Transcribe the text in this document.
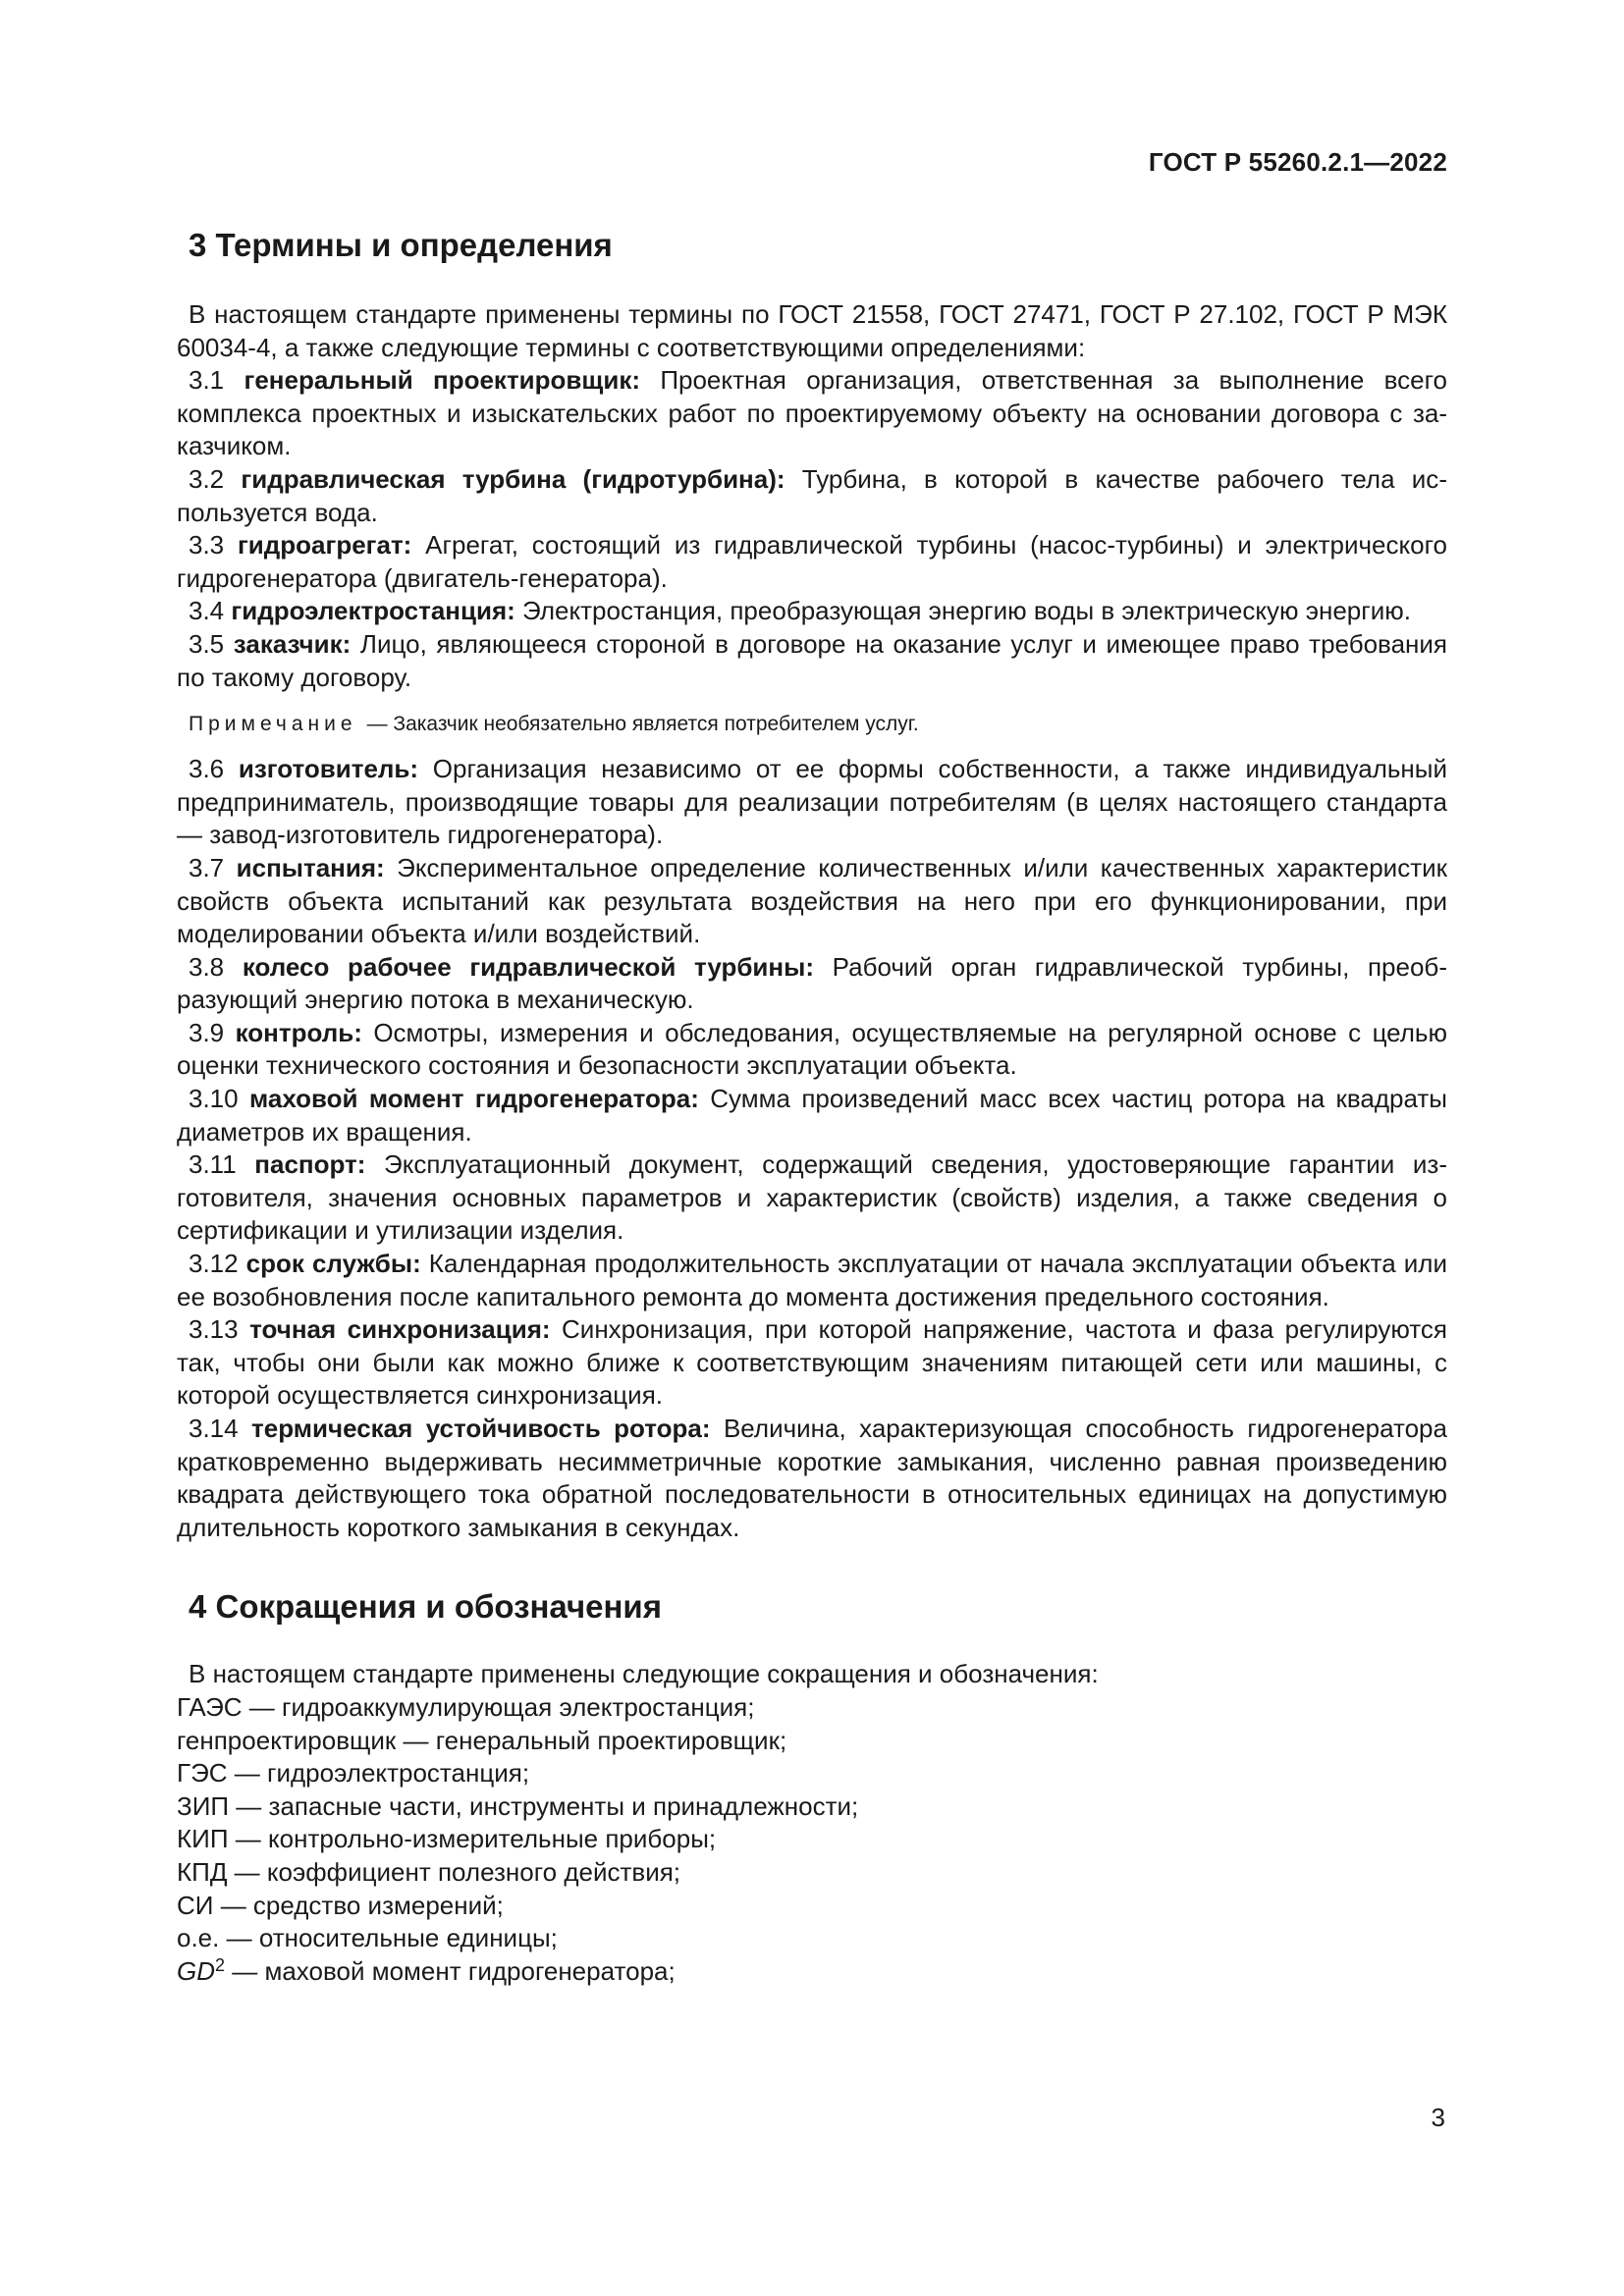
ГОСТ Р 55260.2.1—2022
3 Термины и определения

В настоящем стандарте применены термины по ГОСТ 21558, ГОСТ 27471, ГОСТ Р 27.102, ГОСТ Р МЭК 60034-4, а также следующие термины с соответствующими определениями:

3.1 генеральный проектировщик: Проектная организация, ответственная за выполнение всего комплекса проектных и изыскательских работ по проектируемому объекту на основании договора с заказчиком.

3.2 гидравлическая турбина (гидротурбина): Турбина, в которой в качестве рабочего тела используется вода.

3.3 гидроагрегат: Агрегат, состоящий из гидравлической турбины (насос-турбины) и электрического гидрогенератора (двигатель-генератора).

3.4 гидроэлектростанция: Электростанция, преобразующая энергию воды в электрическую энергию.

3.5 заказчик: Лицо, являющееся стороной в договоре на оказание услуг и имеющее право требования по такому договору.

Примечание — Заказчик необязательно является потребителем услуг.

3.6 изготовитель: Организация независимо от ее формы собственности, а также индивидуальный предприниматель, производящие товары для реализации потребителям (в целях настоящего стандарта — завод-изготовитель гидрогенератора).

3.7 испытания: Экспериментальное определение количественных и/или качественных характеристик свойств объекта испытаний как результата воздействия на него при его функционировании, при моделировании объекта и/или воздействий.

3.8 колесо рабочее гидравлической турбины: Рабочий орган гидравлической турбины, преобразующий энергию потока в механическую.

3.9 контроль: Осмотры, измерения и обследования, осуществляемые на регулярной основе с целью оценки технического состояния и безопасности эксплуатации объекта.

3.10 маховой момент гидрогенератора: Сумма произведений масс всех частиц ротора на квадраты диаметров их вращения.

3.11 паспорт: Эксплуатационный документ, содержащий сведения, удостоверяющие гарантии изготовителя, значения основных параметров и характеристик (свойств) изделия, а также сведения о сертификации и утилизации изделия.

3.12 срок службы: Календарная продолжительность эксплуатации от начала эксплуатации объекта или ее возобновления после капитального ремонта до момента достижения предельного состояния.

3.13 точная синхронизация: Синхронизация, при которой напряжение, частота и фаза регулируются так, чтобы они были как можно ближе к соответствующим значениям питающей сети или машины, с которой осуществляется синхронизация.

3.14 термическая устойчивость ротора: Величина, характеризующая способность гидрогенератора кратковременно выдерживать несимметричные короткие замыкания, численно равная произведению квадрата действующего тока обратной последовательности в относительных единицах на допустимую длительность короткого замыкания в секундах.

4 Сокращения и обозначения

В настоящем стандарте применены следующие сокращения и обозначения:

ГАЭС — гидроаккумулирующая электростанция;
генпроектировщик — генеральный проектировщик;
ГЭС — гидроэлектростанция;
ЗИП — запасные части, инструменты и принадлежности;
КИП — контрольно-измерительные приборы;
КПД — коэффициент полезного действия;
СИ — средство измерений;
о.е. — относительные единицы;
$GD^2$ — маховой момент гидрогенератора;
3
